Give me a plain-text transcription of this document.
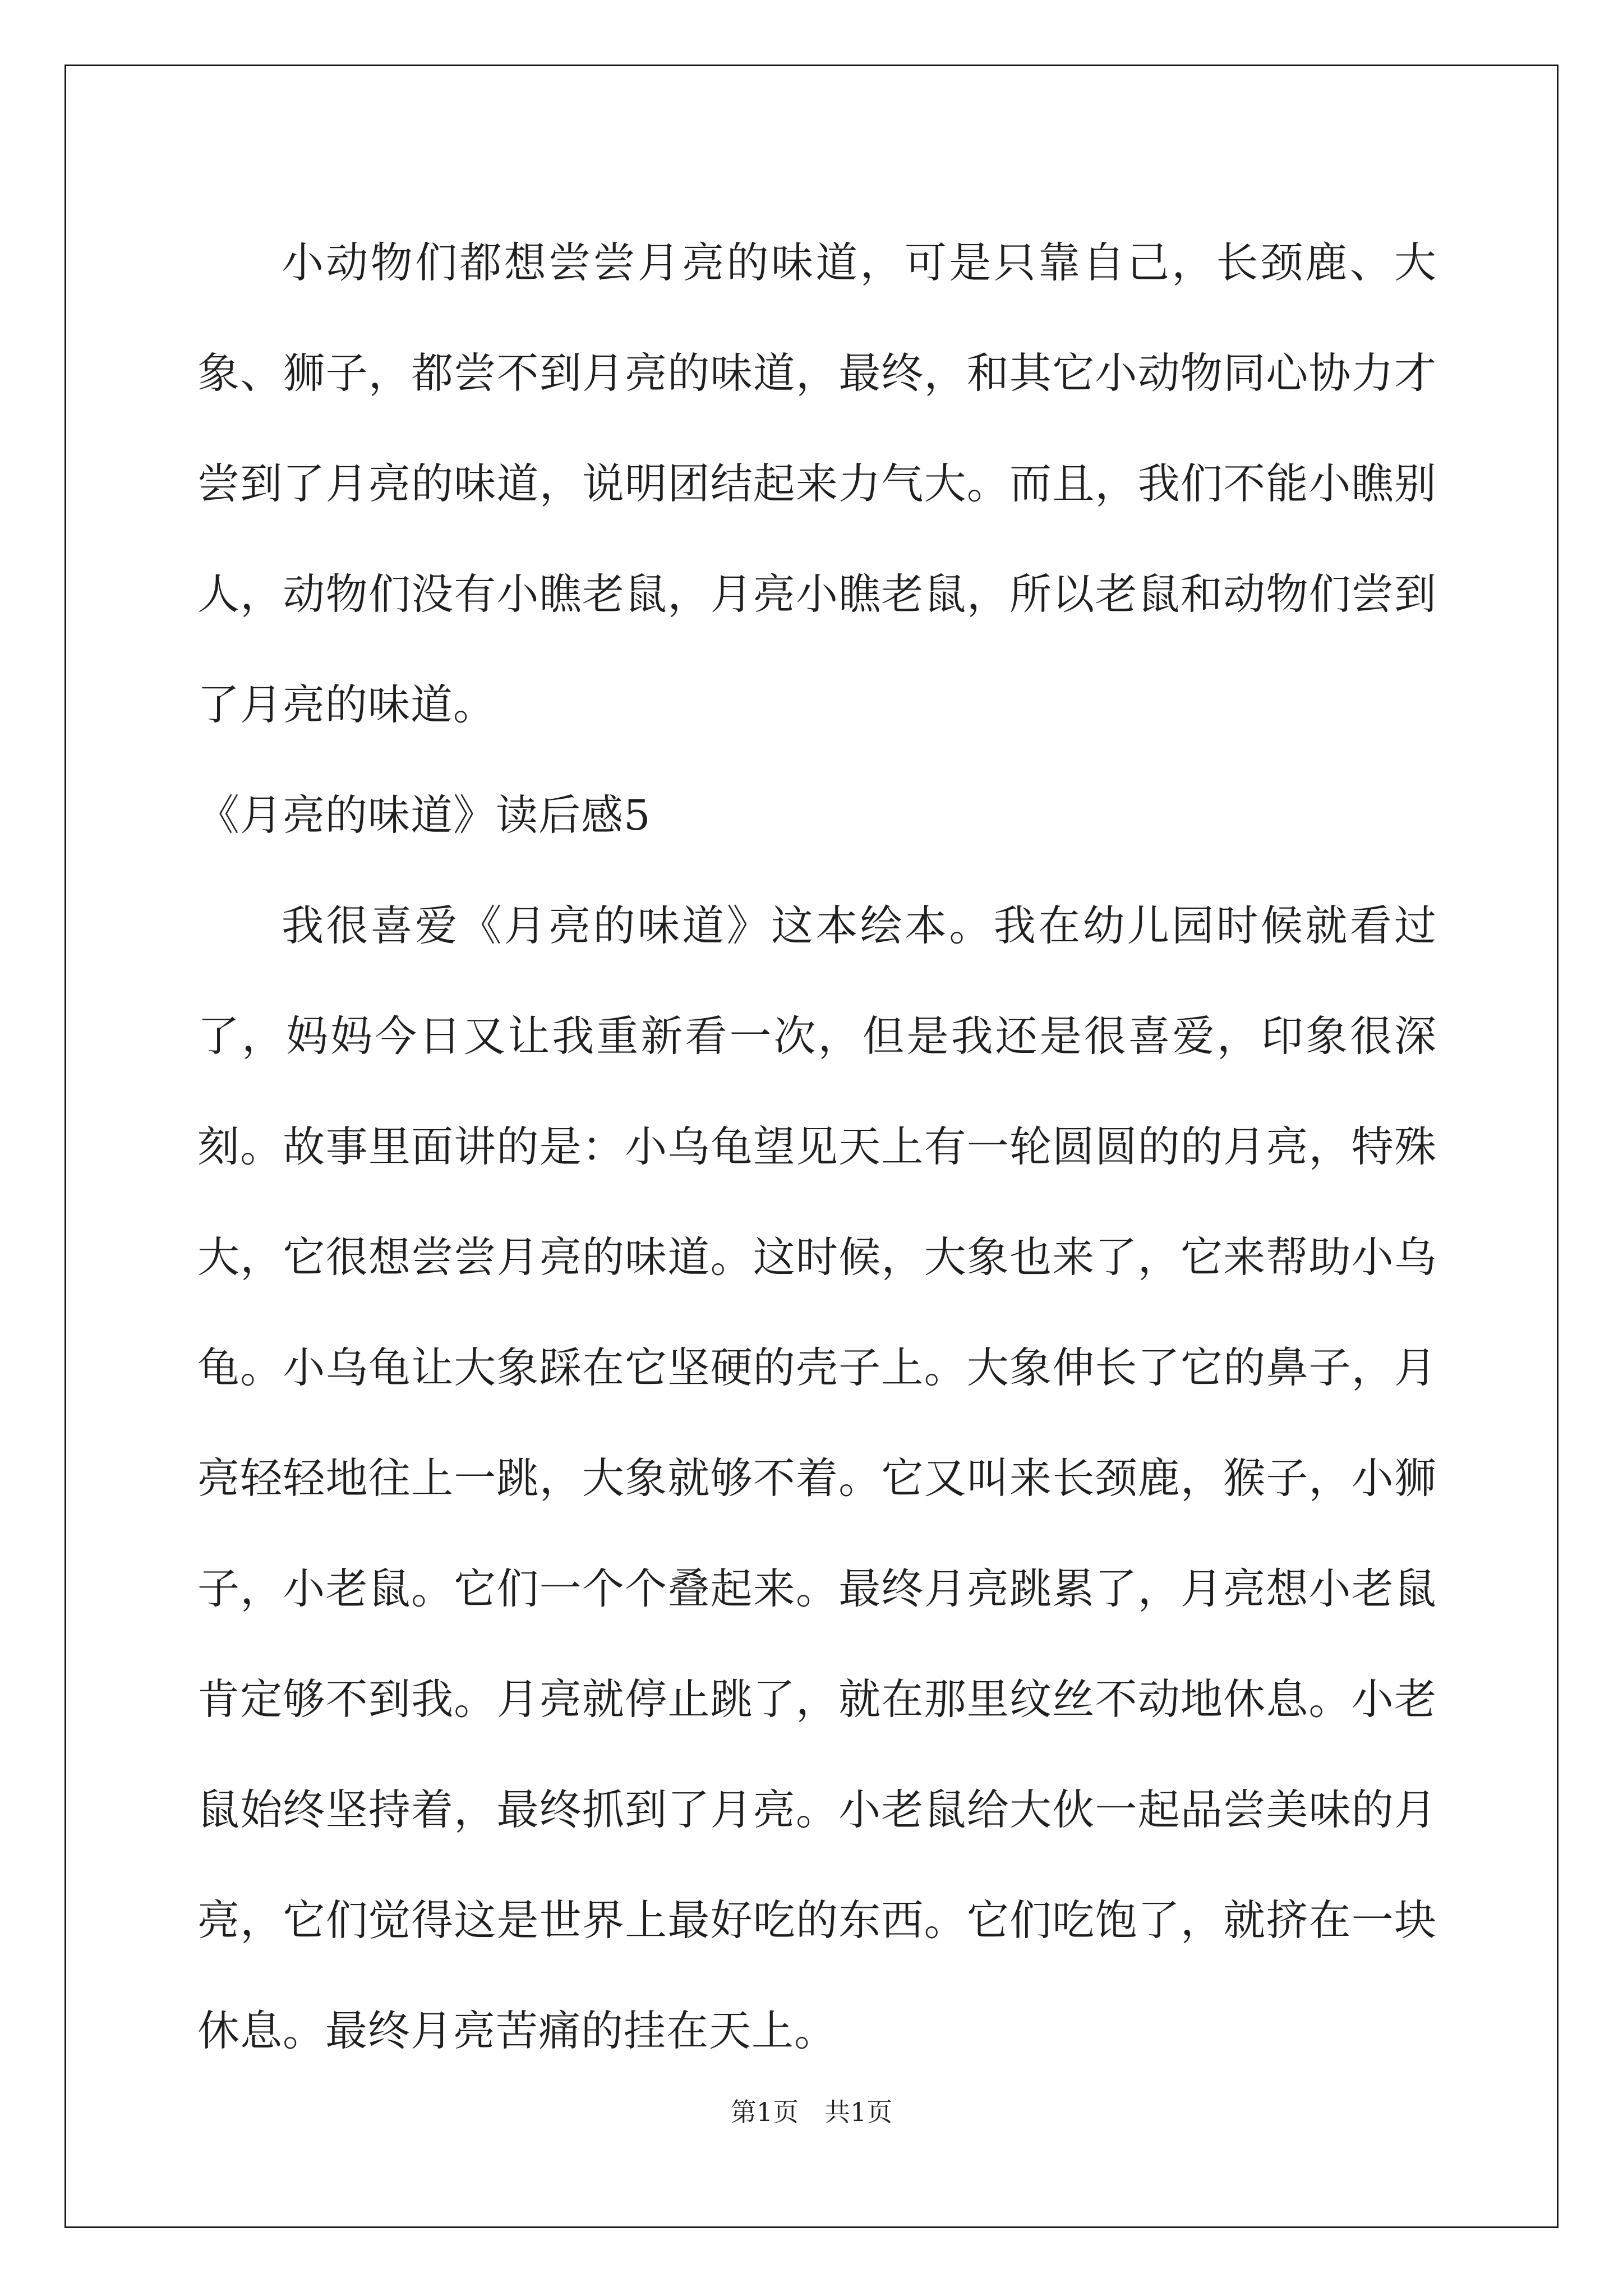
小动物们都想尝尝月亮的味道，可是只靠自己，长颈鹿、大象、狮子，都尝不到月亮的味道，最终，和其它小动物同心协力才尝到了月亮的味道，说明团结起来力气大。而且，我们不能小瞧别人，动物们没有小瞧老鼠，月亮小瞧老鼠，所以老鼠和动物们尝到了月亮的味道。

《月亮的味道》读后感5

我很喜爱《月亮的味道》这本绘本。我在幼儿园时候就看过了，妈妈今日又让我重新看一次，但是我还是很喜爱，印象很深刻。故事里面讲的是：小乌龟望见天上有一轮圆圆的的月亮，特殊大，它很想尝尝月亮的味道。这时候，大象也来了，它来帮助小乌龟。小乌龟让大象踩在它坚硬的壳子上。大象伸长了它的鼻子，月亮轻轻地往上一跳，大象就够不着。它又叫来长颈鹿，猴子，小狮子，小老鼠。它们一个个叠起来。最终月亮跳累了，月亮想小老鼠肯定够不到我。月亮就停止跳了，就在那里纹丝不动地休息。小老鼠始终坚持着，最终抓到了月亮。小老鼠给大伙一起品尝美味的月亮，它们觉得这是世界上最好吃的东西。它们吃饱了，就挤在一块休息。最终月亮苦痛的挂在天上。

第1页　共1页
